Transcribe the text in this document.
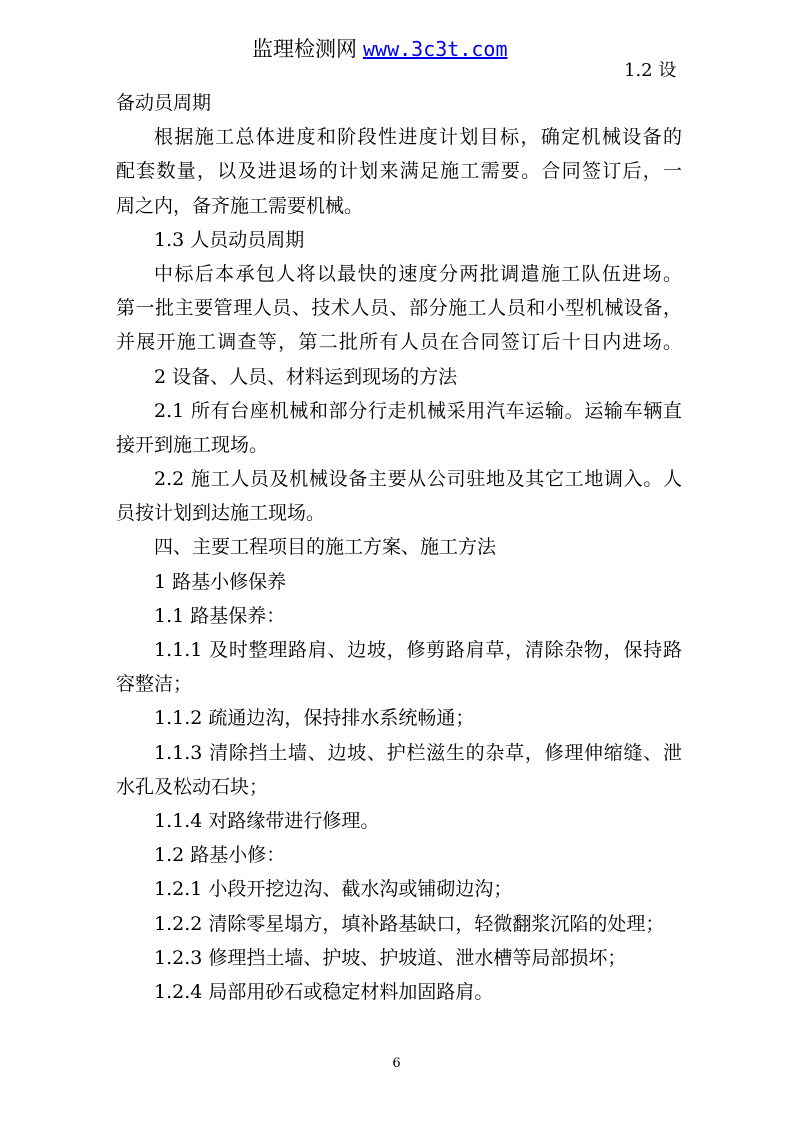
监理检测网 www.3c3t.com
1.2 设
备动员周期
根据施工总体进度和阶段性进度计划目标，确定机械设备的
配套数量，以及进退场的计划来满足施工需要。合同签订后，一
周之内，备齐施工需要机械。
1.3 人员动员周期
中标后本承包人将以最快的速度分两批调遣施工队伍进场。
第一批主要管理人员、技术人员、部分施工人员和小型机械设备，
并展开施工调查等，第二批所有人员在合同签订后十日内进场。
2 设备、人员、材料运到现场的方法
2.1 所有台座机械和部分行走机械采用汽车运输。运输车辆直
接开到施工现场。
2.2 施工人员及机械设备主要从公司驻地及其它工地调入。人
员按计划到达施工现场。
四、主要工程项目的施工方案、施工方法
1 路基小修保养
1.1 路基保养：
1.1.1 及时整理路肩、边坡，修剪路肩草，清除杂物，保持路
容整洁；
1.1.2 疏通边沟，保持排水系统畅通；
1.1.3 清除挡土墙、边坡、护栏滋生的杂草，修理伸缩缝、泄
水孔及松动石块；
1.1.4 对路缘带进行修理。
1.2 路基小修：
1.2.1 小段开挖边沟、截水沟或铺砌边沟；
1.2.2 清除零星塌方，填补路基缺口，轻微翻浆沉陷的处理；
1.2.3 修理挡土墙、护坡、护坡道、泄水槽等局部损坏；
1.2.4 局部用砂石或稳定材料加固路肩。
6
